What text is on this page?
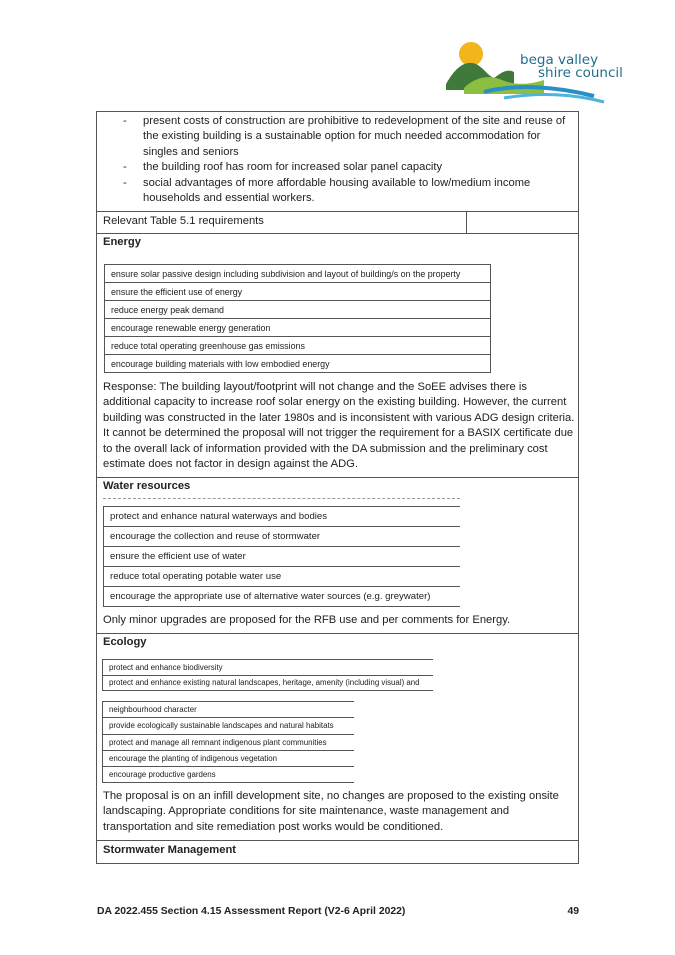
bega valley
shire council
- present costs of construction are prohibitive to redevelopment of the site and reuse of the existing building is a sustainable option for much needed accommodation for singles and seniors
- the building roof has room for increased solar panel capacity
- social advantages of more affordable housing available to low/medium income households and essential workers.
Relevant Table 5.1 requirements
Energy
ensure solar passive design including subdivision and layout of building/s on the property
ensure the efficient use of energy
reduce energy peak demand
encourage renewable energy generation
reduce total operating greenhouse gas emissions
encourage building materials with low embodied energy
Response: The building layout/footprint will not change and the SoEE advises there is additional capacity to increase roof solar energy on the existing building. However, the current building was constructed in the later 1980s and is inconsistent with various ADG design criteria. It cannot be determined the proposal will not trigger the requirement for a BASIX certificate due to the overall lack of information provided with the DA submission and the preliminary cost estimate does not factor in design against the ADG.
Water resources
protect and enhance natural waterways and bodies
encourage the collection and reuse of stormwater
ensure the efficient use of water
reduce total operating potable water use
encourage the appropriate use of alternative water sources (e.g. greywater)
Only minor upgrades are proposed for the RFB use and per comments for Energy.
Ecology
protect and enhance biodiversity
protect and enhance existing natural landscapes, heritage, amenity (including visual) and
neighbourhood character
provide ecologically sustainable landscapes and natural habitats
protect and manage all remnant indigenous plant communities
encourage the planting of indigenous vegetation
encourage productive gardens
The proposal is on an infill development site, no changes are proposed to the existing onsite landscaping. Appropriate conditions for site maintenance, waste management and transportation and site remediation post works would be conditioned.
Stormwater Management
DA 2022.455 Section 4.15 Assessment Report (V2-6 April 2022)	49
